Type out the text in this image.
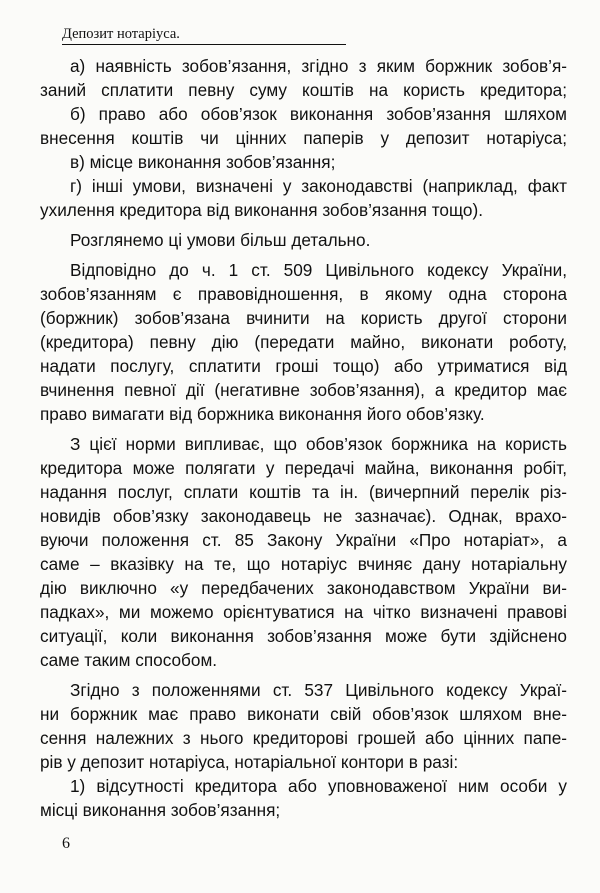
Депозит нотаріуса.
а) наявність зобов’язання, згідно з яким боржник зобов’я-
заний сплатити певну суму коштів на користь кредитора;
б) право або обов’язок виконання зобов’язання шляхом
внесення коштів чи цінних паперів у депозит нотаріуса;
в) місце виконання зобов’язання;
г) інші умови, визначені у законодавстві (наприклад, факт
ухилення кредитора від виконання зобов’язання тощо).
Розглянемо ці умови більш детально.
Відповідно до ч. 1 ст. 509 Цивільного кодексу України,
зобов’язанням є правовідношення, в якому одна сторона
(боржник) зобов’язана вчинити на користь другої сторони
(кредитора) певну дію (передати майно, виконати роботу,
надати послугу, сплатити гроші тощо) або утриматися від
вчинення певної дії (негативне зобов’язання), а кредитор має
право вимагати від боржника виконання його обов’язку.
З цієї норми випливає, що обов’язок боржника на користь
кредитора може полягати у передачі майна, виконання робіт,
надання послуг, сплати коштів та ін. (вичерпний перелік різ-
новидів обов’язку законодавець не зазначає). Однак, врахо-
вуючи положення ст. 85 Закону України «Про нотаріат», а
саме – вказівку на те, що нотаріус вчиняє дану нотаріальну
дію виключно «у передбачених законодавством України ви-
падках», ми можемо орієнтуватися на чітко визначені правові
ситуації, коли виконання зобов’язання може бути здійснено
саме таким способом.
Згідно з положеннями ст. 537 Цивільного кодексу Украї-
ни боржник має право виконати свій обов’язок шляхом вне-
сення належних з нього кредиторові грошей або цінних папе-
рів у депозит нотаріуса, нотаріальної контори в разі:
1) відсутності кредитора або уповноваженої ним особи у
місці виконання зобов’язання;
6
